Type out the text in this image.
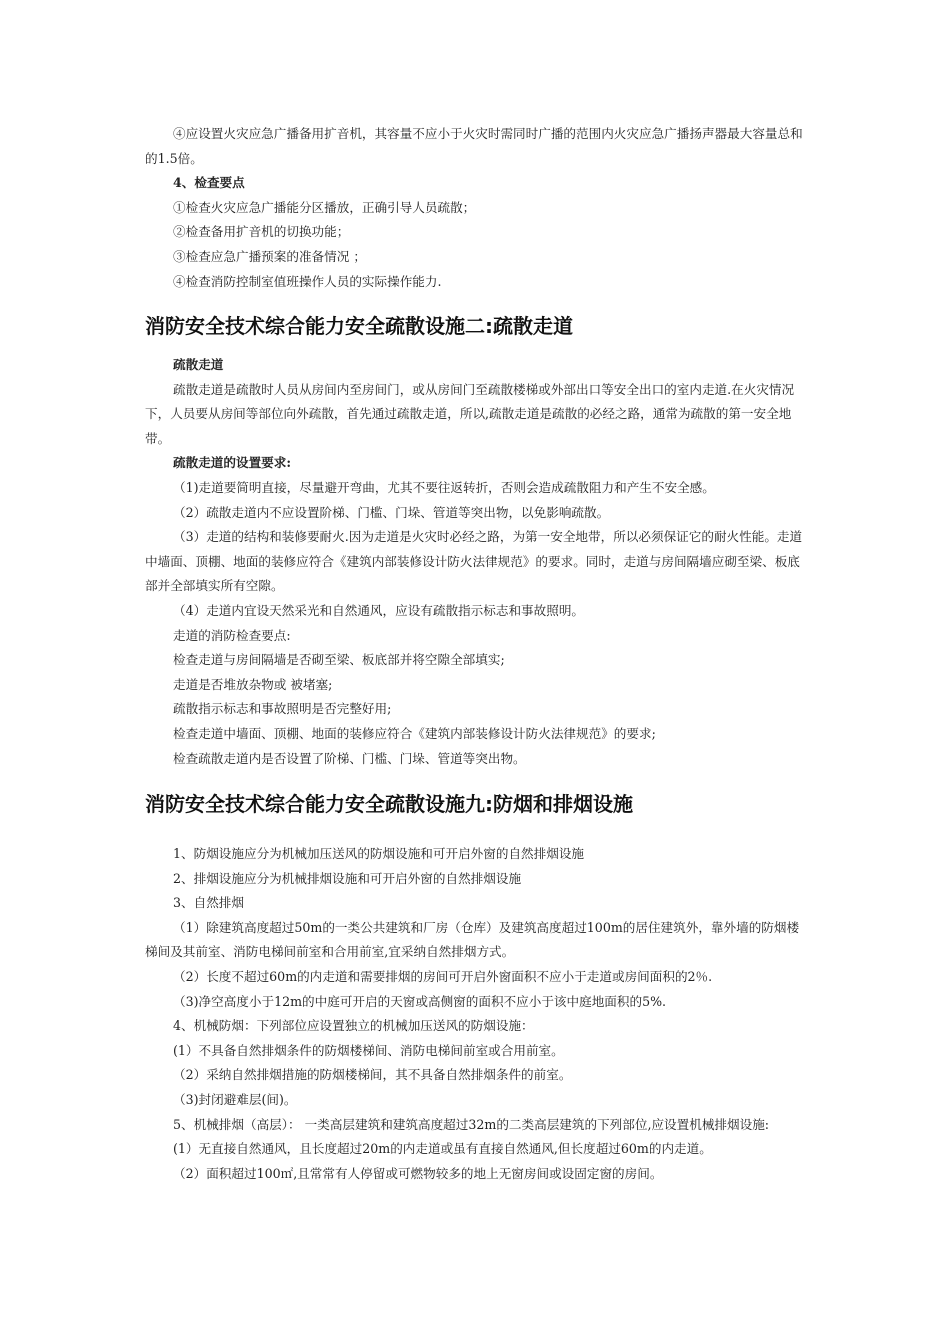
④应设置火灾应急广播备用扩音机，其容量不应小于火灾时需同时广播的范围内火灾应急广播扬声器最大容量总和的1.5倍。

4、检查要点

①检查火灾应急广播能分区播放，正确引导人员疏散；

②检查备用扩音机的切换功能；

③检查应急广播预案的准备情况 ；

④检查消防控制室值班操作人员的实际操作能力.

消防安全技术综合能力安全疏散设施二:疏散走道

疏散走道

疏散走道是疏散时人员从房间内至房间门，或从房间门至疏散楼梯或外部出口等安全出口的室内走道.在火灾情况下，人员要从房间等部位向外疏散，首先通过疏散走道，所以,疏散走道是疏散的必经之路，通常为疏散的第一安全地带。

疏散走道的设置要求:

（1)走道要简明直接，尽量避开弯曲，尤其不要往返转折，否则会造成疏散阻力和产生不安全感。

（2）疏散走道内不应设置阶梯、门槛、门垛、管道等突出物，以免影响疏散。

（3）走道的结构和装修要耐火.因为走道是火灾时必经之路，为第一安全地带，所以必须保证它的耐火性能。走道中墙面、顶棚、地面的装修应符合《建筑内部装修设计防火法律规范》的要求。同时，走道与房间隔墙应砌至梁、板底部并全部填实所有空隙。

（4）走道内宜设天然采光和自然通风，应设有疏散指示标志和事故照明。

走道的消防检查要点:

检查走道与房间隔墙是否砌至梁、板底部并将空隙全部填实;

走道是否堆放杂物或 被堵塞;

疏散指示标志和事故照明是否完整好用;

检查走道中墙面、顶棚、地面的装修应符合《建筑内部装修设计防火法律规范》的要求;

检查疏散走道内是否设置了阶梯、门槛、门垛、管道等突出物。

消防安全技术综合能力安全疏散设施九:防烟和排烟设施

1、防烟设施应分为机械加压送风的防烟设施和可开启外窗的自然排烟设施

2、排烟设施应分为机械排烟设施和可开启外窗的自然排烟设施

3、自然排烟

（1）除建筑高度超过50m的一类公共建筑和厂房（仓库）及建筑高度超过100m的居住建筑外，靠外墙的防烟楼梯间及其前室、消防电梯间前室和合用前室,宜采纳自然排烟方式。

（2）长度不超过60m的内走道和需要排烟的房间可开启外窗面积不应小于走道或房间面积的2％.

（3)净空高度小于12m的中庭可开启的天窗或高侧窗的面积不应小于该中庭地面积的5%.

4、机械防烟：下列部位应设置独立的机械加压送风的防烟设施：

(1）不具备自然排烟条件的防烟楼梯间、消防电梯间前室或合用前室。

（2）采纳自然排烟措施的防烟楼梯间，其不具备自然排烟条件的前室。

（3)封闭避难层(间)。

5、机械排烟（高层）： 一类高层建筑和建筑高度超过32m的二类高层建筑的下列部位,应设置机械排烟设施:

(1）无直接自然通风，且长度超过20m的内走道或虽有直接自然通风,但长度超过60m的内走道。

（2）面积超过100㎡,且常常有人停留或可燃物较多的地上无窗房间或设固定窗的房间。
